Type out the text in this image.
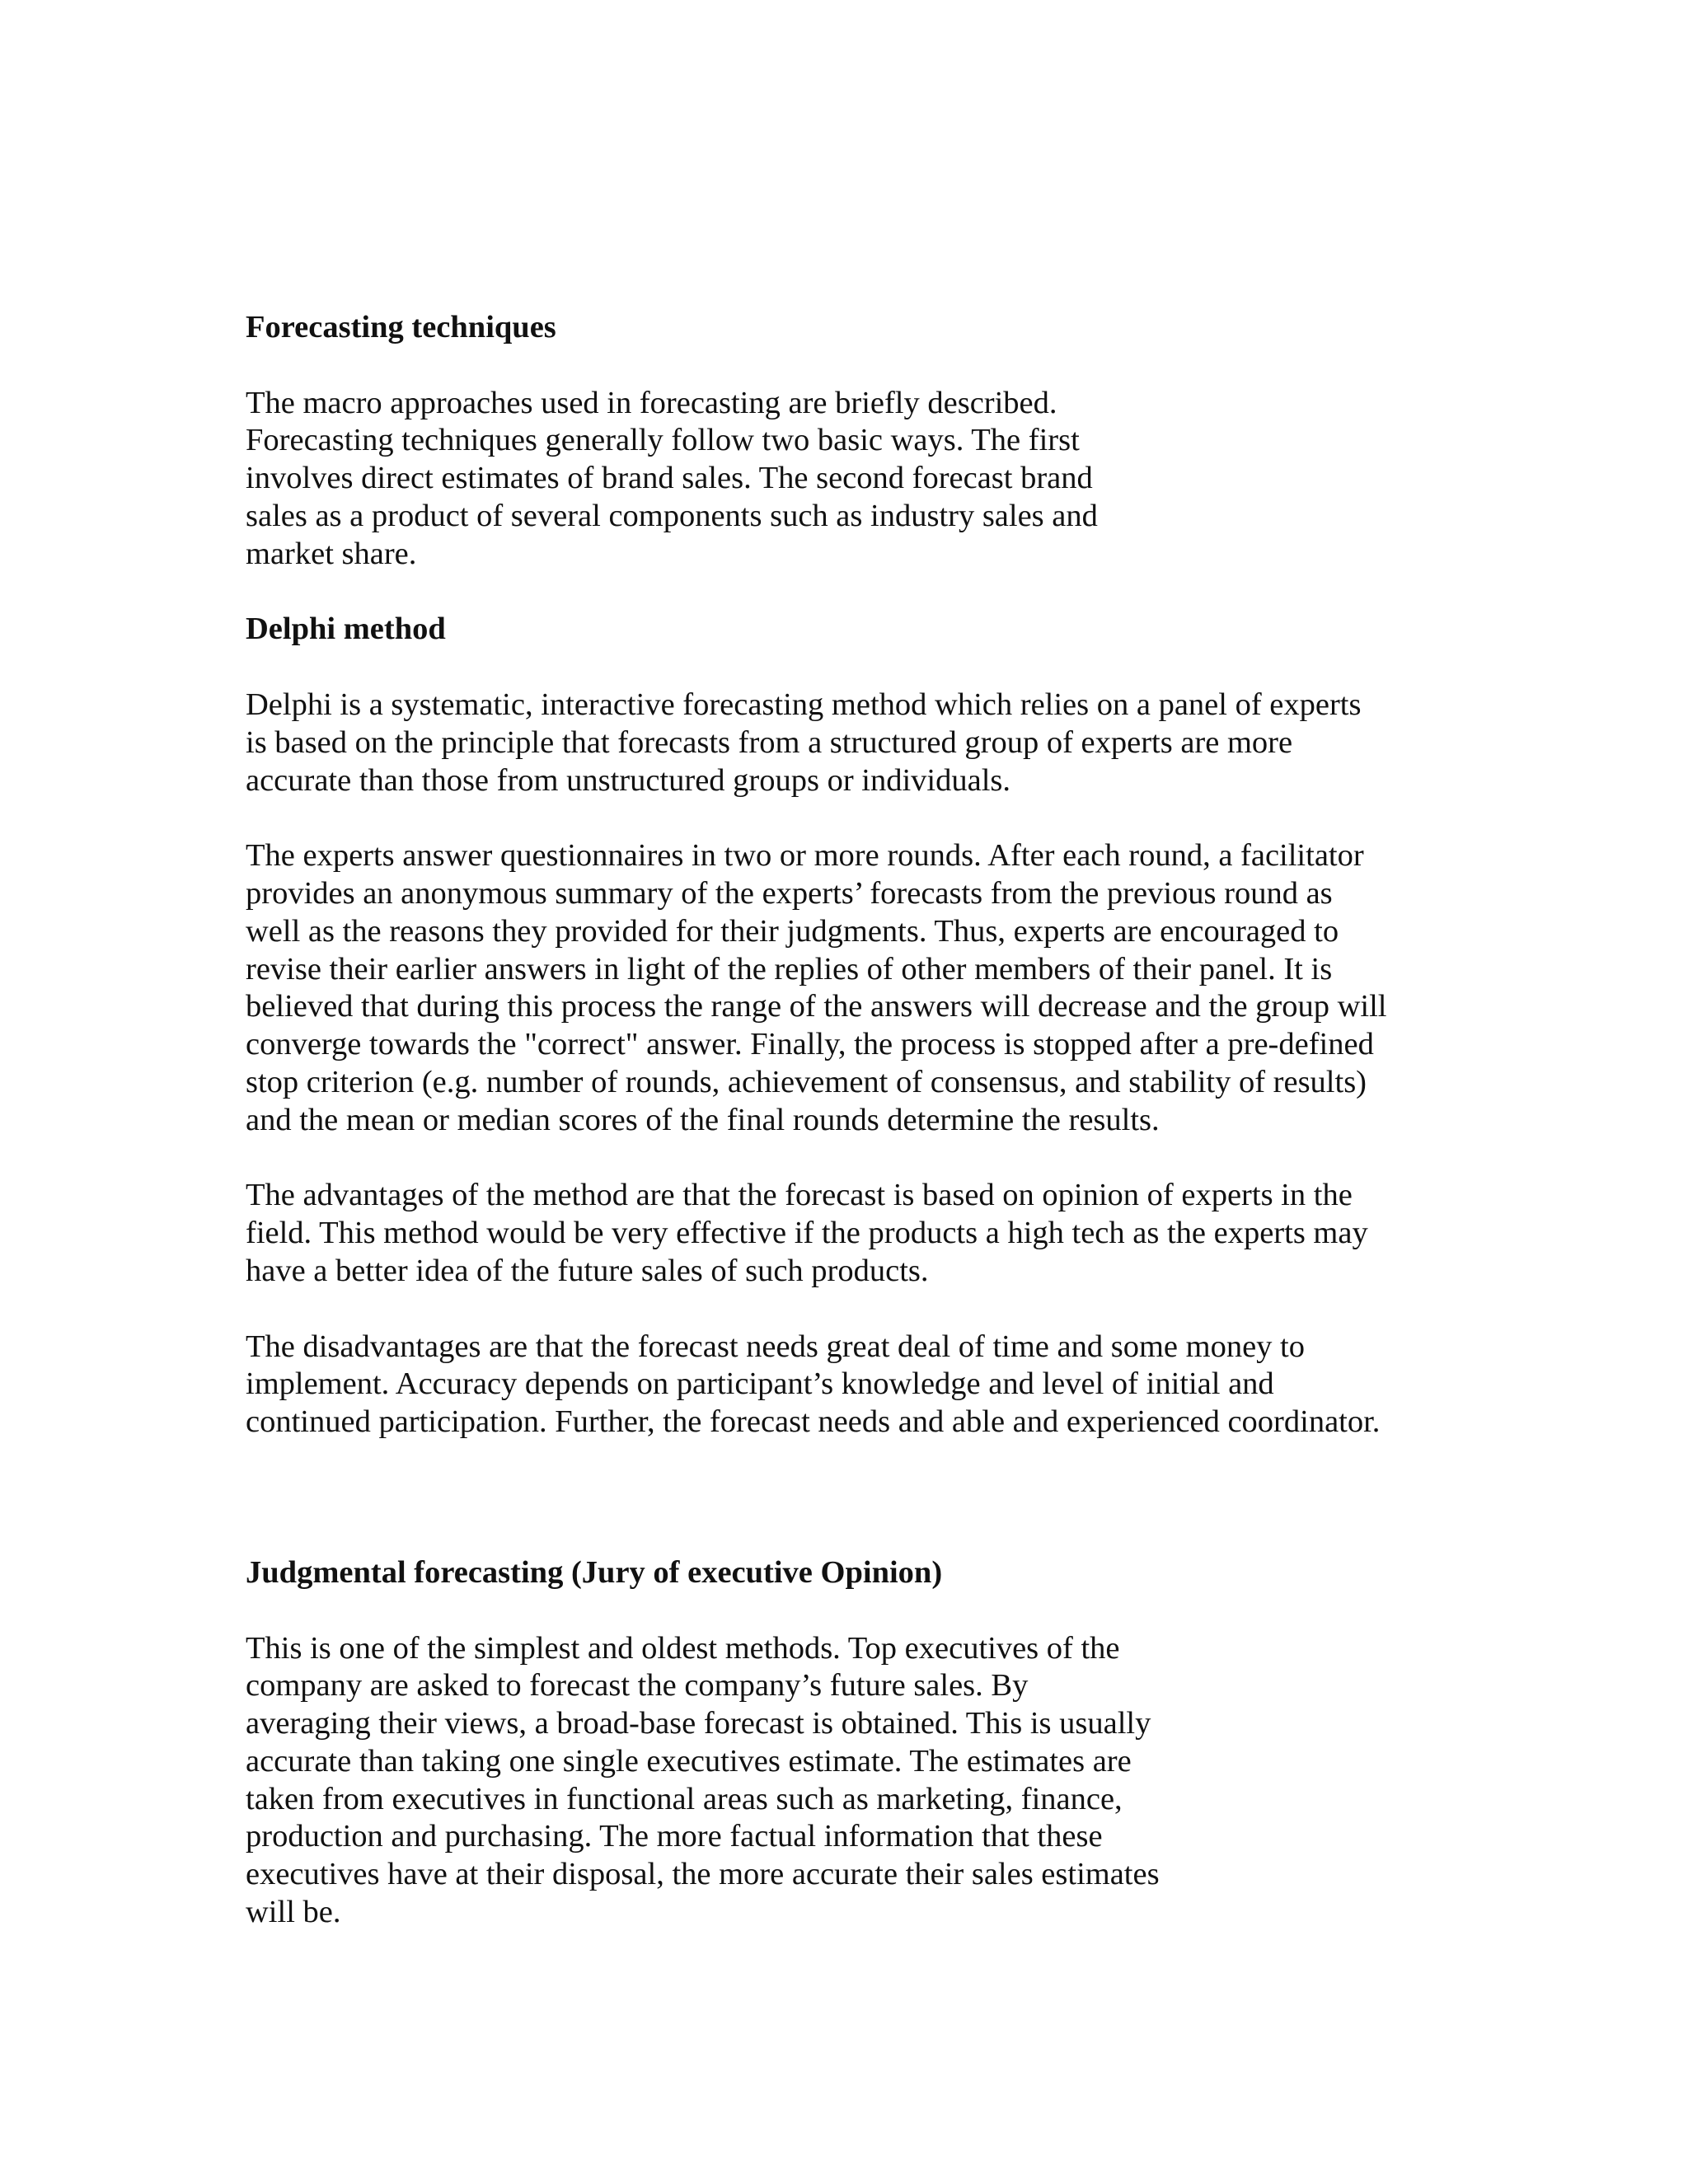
Forecasting techniques
The macro approaches used in forecasting are briefly described.
Forecasting techniques generally follow two basic ways. The first
involves direct estimates of brand sales. The second forecast brand
sales as a product of several components such as industry sales and
market share.
Delphi method
Delphi is a systematic, interactive forecasting method which relies on a panel of experts
is based on the principle that forecasts from a structured group of experts are more
accurate than those from unstructured groups or individuals.
The experts answer questionnaires in two or more rounds. After each round, a facilitator
provides an anonymous summary of the experts’ forecasts from the previous round as
well as the reasons they provided for their judgments. Thus, experts are encouraged to
revise their earlier answers in light of the replies of other members of their panel. It is
believed that during this process the range of the answers will decrease and the group will
converge towards the "correct" answer. Finally, the process is stopped after a pre-defined
stop criterion (e.g. number of rounds, achievement of consensus, and stability of results)
and the mean or median scores of the final rounds determine the results.
The advantages of the method are that the forecast is based on opinion of experts in the
field. This method would be very effective if the products a high tech as the experts may
have a better idea of the future sales of such products.
The disadvantages are that the forecast needs great deal of time and some money to
implement. Accuracy depends on participant’s knowledge and level of initial and
continued participation. Further, the forecast needs and able and experienced coordinator.
Judgmental forecasting (Jury of executive Opinion)
This is one of the simplest and oldest methods. Top executives of the
company are asked to forecast the company’s future sales. By
averaging their views, a broad-base forecast is obtained. This is usually
accurate than taking one single executives estimate. The estimates are
taken from executives in functional areas such as marketing, finance,
production and purchasing. The more factual information that these
executives have at their disposal, the more accurate their sales estimates
will be.
